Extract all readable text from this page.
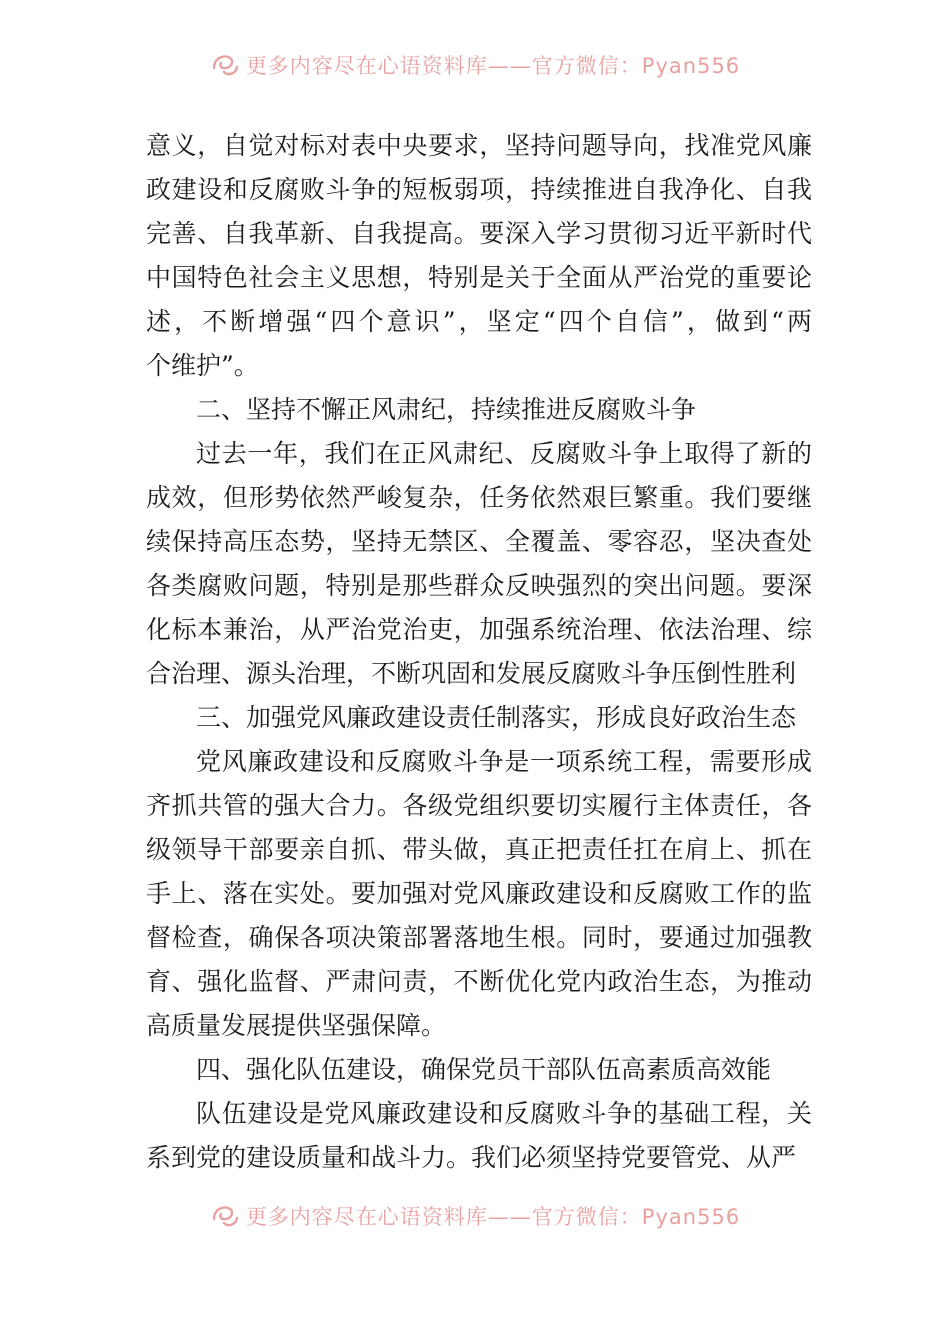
更多内容尽在心语资料库——官方微信：Pyan556
意义，自觉对标对表中央要求，坚持问题导向，找准党风廉
政建设和反腐败斗争的短板弱项，持续推进自我净化、自我
完善、自我革新、自我提高。要深入学习贯彻习近平新时代
中国特色社会主义思想，特别是关于全面从严治党的重要论
述，不断增强“四个意识”，坚定“四个自信”，做到“两
个维护”。
二、坚持不懈正风肃纪，持续推进反腐败斗争
过去一年，我们在正风肃纪、反腐败斗争上取得了新的
成效，但形势依然严峻复杂，任务依然艰巨繁重。我们要继
续保持高压态势，坚持无禁区、全覆盖、零容忍，坚决查处
各类腐败问题，特别是那些群众反映强烈的突出问题。要深
化标本兼治，从严治党治吏，加强系统治理、依法治理、综
合治理、源头治理，不断巩固和发展反腐败斗争压倒性胜利
三、加强党风廉政建设责任制落实，形成良好政治生态
党风廉政建设和反腐败斗争是一项系统工程，需要形成
齐抓共管的强大合力。各级党组织要切实履行主体责任，各
级领导干部要亲自抓、带头做，真正把责任扛在肩上、抓在
手上、落在实处。要加强对党风廉政建设和反腐败工作的监
督检查，确保各项决策部署落地生根。同时，要通过加强教
育、强化监督、严肃问责，不断优化党内政治生态，为推动
高质量发展提供坚强保障。
四、强化队伍建设，确保党员干部队伍高素质高效能
队伍建设是党风廉政建设和反腐败斗争的基础工程，关
系到党的建设质量和战斗力。我们必须坚持党要管党、从严
更多内容尽在心语资料库——官方微信：Pyan556
